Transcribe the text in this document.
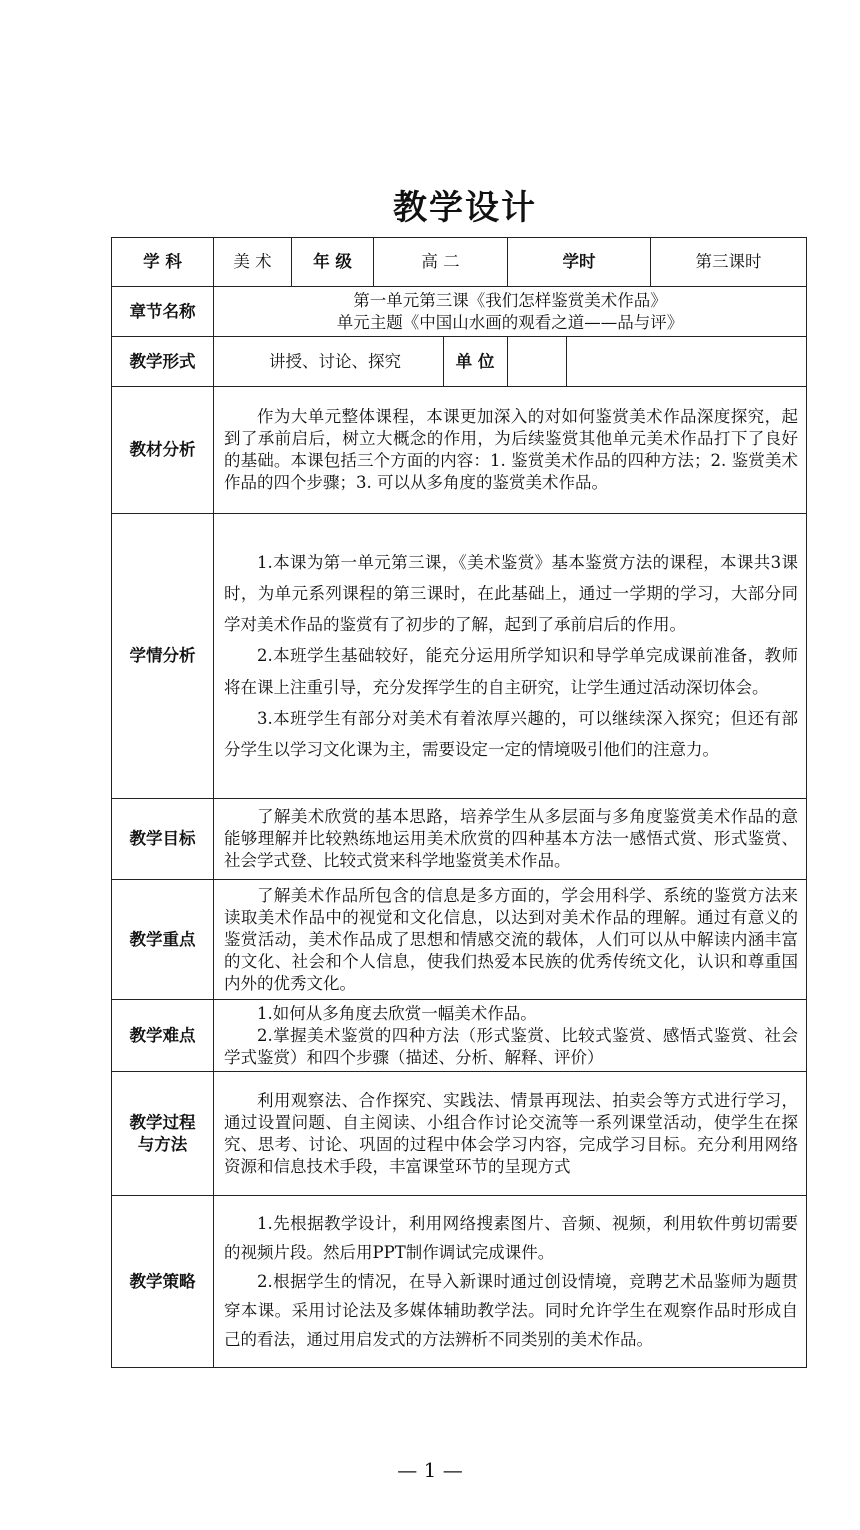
教学设计
学 科	美 术	年 级	高 二	学时	第三课时
章节名称	第一单元第三课《我们怎样鉴赏美术作品》
单元主题《中国山水画的观看之道——品与评》				

教学形式	讲授、讨论、探究			单 位	

教材分析	作为大单元整体课程，本课更加深入的对如何鉴赏美术作品深度探究，起到了承前启后，树立大概念的作用，为后续鉴赏其他单元美术作品打下了良好的基础。本课包括三个方面的内容：1. 鉴赏美术作品的四种方法；2. 鉴赏美术作品的四个步骤；3. 可以从多角度的鉴赏美术作品。				

学情分析	1.本课为第一单元第三课，《美术鉴赏》基本鉴赏方法的课程，本课共3课时，为单元系列课程的第三课时，在此基础上，通过一学期的学习，大部分同学对美术作品的鉴赏有了初步的了解，起到了承前启后的作用。
2.本班学生基础较好，能充分运用所学知识和导学单完成课前准备，教师将在课上注重引导，充分发挥学生的自主研究，让学生通过活动深切体会。
3.本班学生有部分对美术有着浓厚兴趣的，可以继续深入探究；但还有部分学生以学习文化课为主，需要设定一定的情境吸引他们的注意力。				

教学目标	了解美术欣赏的基本思路，培养学生从多层面与多角度鉴赏美术作品的意能够理解并比较熟练地运用美术欣赏的四种基本方法一感悟式赏、形式鉴赏、社会学式登、比较式赏来科学地鉴赏美术作品。				

教学重点	了解美术作品所包含的信息是多方面的，学会用科学、系统的鉴赏方法来读取美术作品中的视觉和文化信息，以达到对美术作品的理解。通过有意义的鉴赏活动，美术作品成了思想和情感交流的载体，人们可以从中解读内涵丰富的文化、社会和个人信息，使我们热爱本民族的优秀传统文化，认识和尊重国内外的优秀文化。				

教学难点	1.如何从多角度去欣赏一幅美术作品。
2.掌握美术鉴赏的四种方法（形式鉴赏、比较式鉴赏、感悟式鉴赏、社会学式鉴赏）和四个步骤（描述、分析、解释、评价）				

教学过程
与方法	利用观察法、合作探究、实践法、情景再现法、拍卖会等方式进行学习，通过设置问题、自主阅读、小组合作讨论交流等一系列课堂活动，使学生在探究、思考、讨论、巩固的过程中体会学习内容，完成学习目标。充分利用网络资源和信息技术手段，丰富课堂环节的呈现方式				

教学策略	1.先根据教学设计，利用网络搜素图片、音频、视频，利用软件剪切需要的视频片段。然后用PPT制作调试完成课件。
2.根据学生的情况，在导入新课时通过创设情境，竞聘艺术品鉴师为题贯穿本课。采用讨论法及多媒体辅助教学法。同时允许学生在观察作品时形成自己的看法，通过用启发式的方法辨析不同类别的美术作品。				
— 1 —
